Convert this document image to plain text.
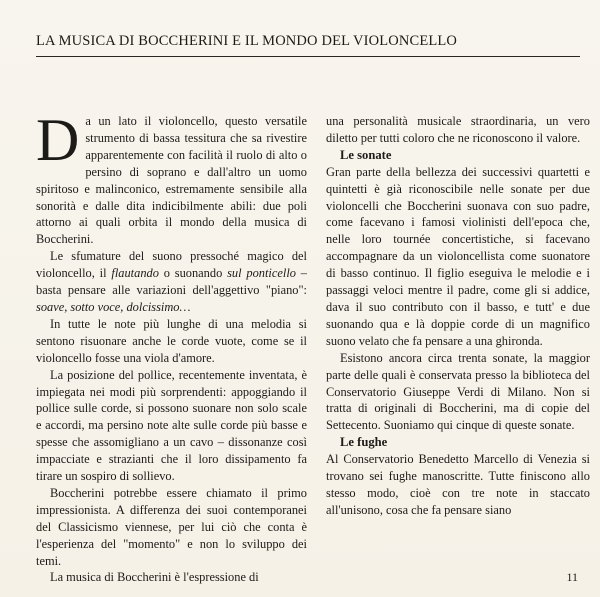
LA MUSICA DI BOCCHERINI E IL MONDO DEL VIOLONCELLO

Da un lato il violoncello, questo versatile strumento di bassa tessitura che sa rivestire apparentemente con facilità il ruolo di alto o persino di soprano e dall'altro un uomo spiritoso e malinconico, estremamente sensibile alla sonorità e dalle dita indicibilmente abili: due poli attorno ai quali orbita il mondo della musica di Boccherini.

Le sfumature del suono pressoché magico del violoncello, il flautando o suonando sul ponticello – basta pensare alle variazioni dell'aggettivo "piano": soave, sotto voce, dolcissimo…

In tutte le note più lunghe di una melodia si sentono risuonare anche le corde vuote, come se il violoncello fosse una viola d'amore.

La posizione del pollice, recentemente inventata, è impiegata nei modi più sorprendenti: appoggiando il pollice sulle corde, si possono suonare non solo scale e accordi, ma persino note alte sulle corde più basse e spesse che assomigliano a un cavo – dissonanze così impacciate e strazianti che il loro dissipamento fa tirare un sospiro di sollievo.

Boccherini potrebbe essere chiamato il primo impressionista. A differenza dei suoi contemporanei del Classicismo viennese, per lui ciò che conta è l'esperienza del "momento" e non lo sviluppo dei temi.

La musica di Boccherini è l'espressione di

una personalità musicale straordinaria, un vero diletto per tutti coloro che ne riconoscono il valore.

Le sonate

Gran parte della bellezza dei successivi quartetti e quintetti è già riconoscibile nelle sonate per due violoncelli che Boccherini suonava con suo padre, come facevano i famosi violinisti dell'epoca che, nelle loro tournée concertistiche, si facevano accompagnare da un violoncellista come suonatore di basso continuo. Il figlio eseguiva le melodie e i passaggi veloci mentre il padre, come gli si addice, dava il suo contributo con il basso, e tutt' e due suonando qua e là doppie corde di un magnifico suono velato che fa pensare a una ghironda.

Esistono ancora circa trenta sonate, la maggior parte delle quali è conservata presso la biblioteca del Conservatorio Giuseppe Verdi di Milano. Non si tratta di originali di Boccherini, ma di copie del Settecento. Suoniamo qui cinque di queste sonate.

Le fughe

Al Conservatorio Benedetto Marcello di Venezia si trovano sei fughe manoscritte. Tutte finiscono allo stesso modo, cioè con tre note in staccato all'unisono, cosa che fa pensare siano

11
